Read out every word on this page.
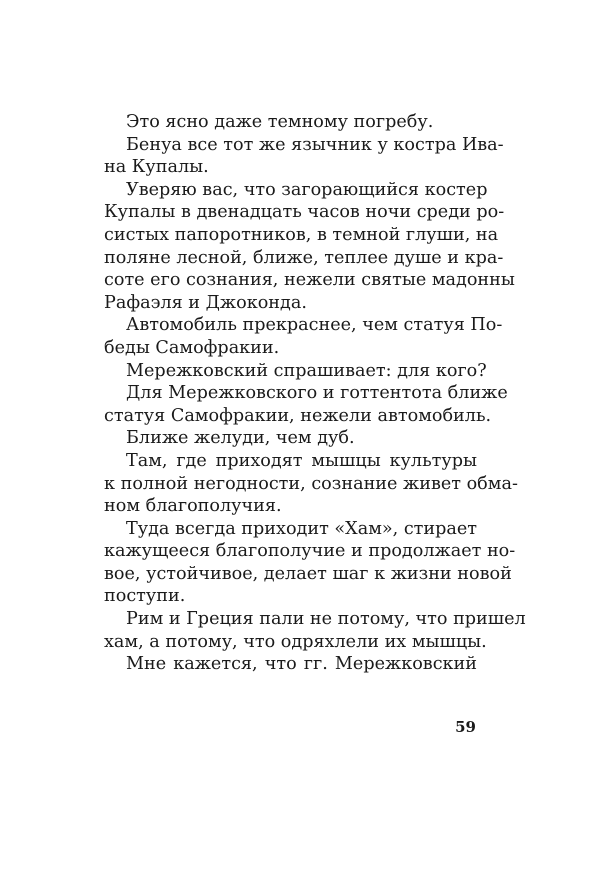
Это ясно даже темному погребу.
Бенуа все тот же язычник у костра Ива-
на Купалы.
Уверяю вас, что загорающийся костер
Купалы в двенадцать часов ночи среди ро-
систых папоротников, в темной глуши, на
поляне лесной, ближе, теплее душе и кра-
соте его сознания, нежели святые мадонны
Рафаэля и Джоконда.
Автомобиль прекраснее, чем статуя По-
беды Самофракии.
Мережковский спрашивает: для кого?
Для Мережковского и готтентота ближе
статуя Самофракии, нежели автомобиль.
Ближе желуди, чем дуб.
Там, где приходят мышцы культуры
к полной негодности, сознание живет обма-
ном благополучия.
Туда всегда приходит «Хам», стирает
кажущееся благополучие и продолжает но-
вое, устойчивое, делает шаг к жизни новой
поступи.
Рим и Греция пали не потому, что пришел
хам, а потому, что одряхлели их мышцы.
Мне кажется, что гг. Мережковский
59
